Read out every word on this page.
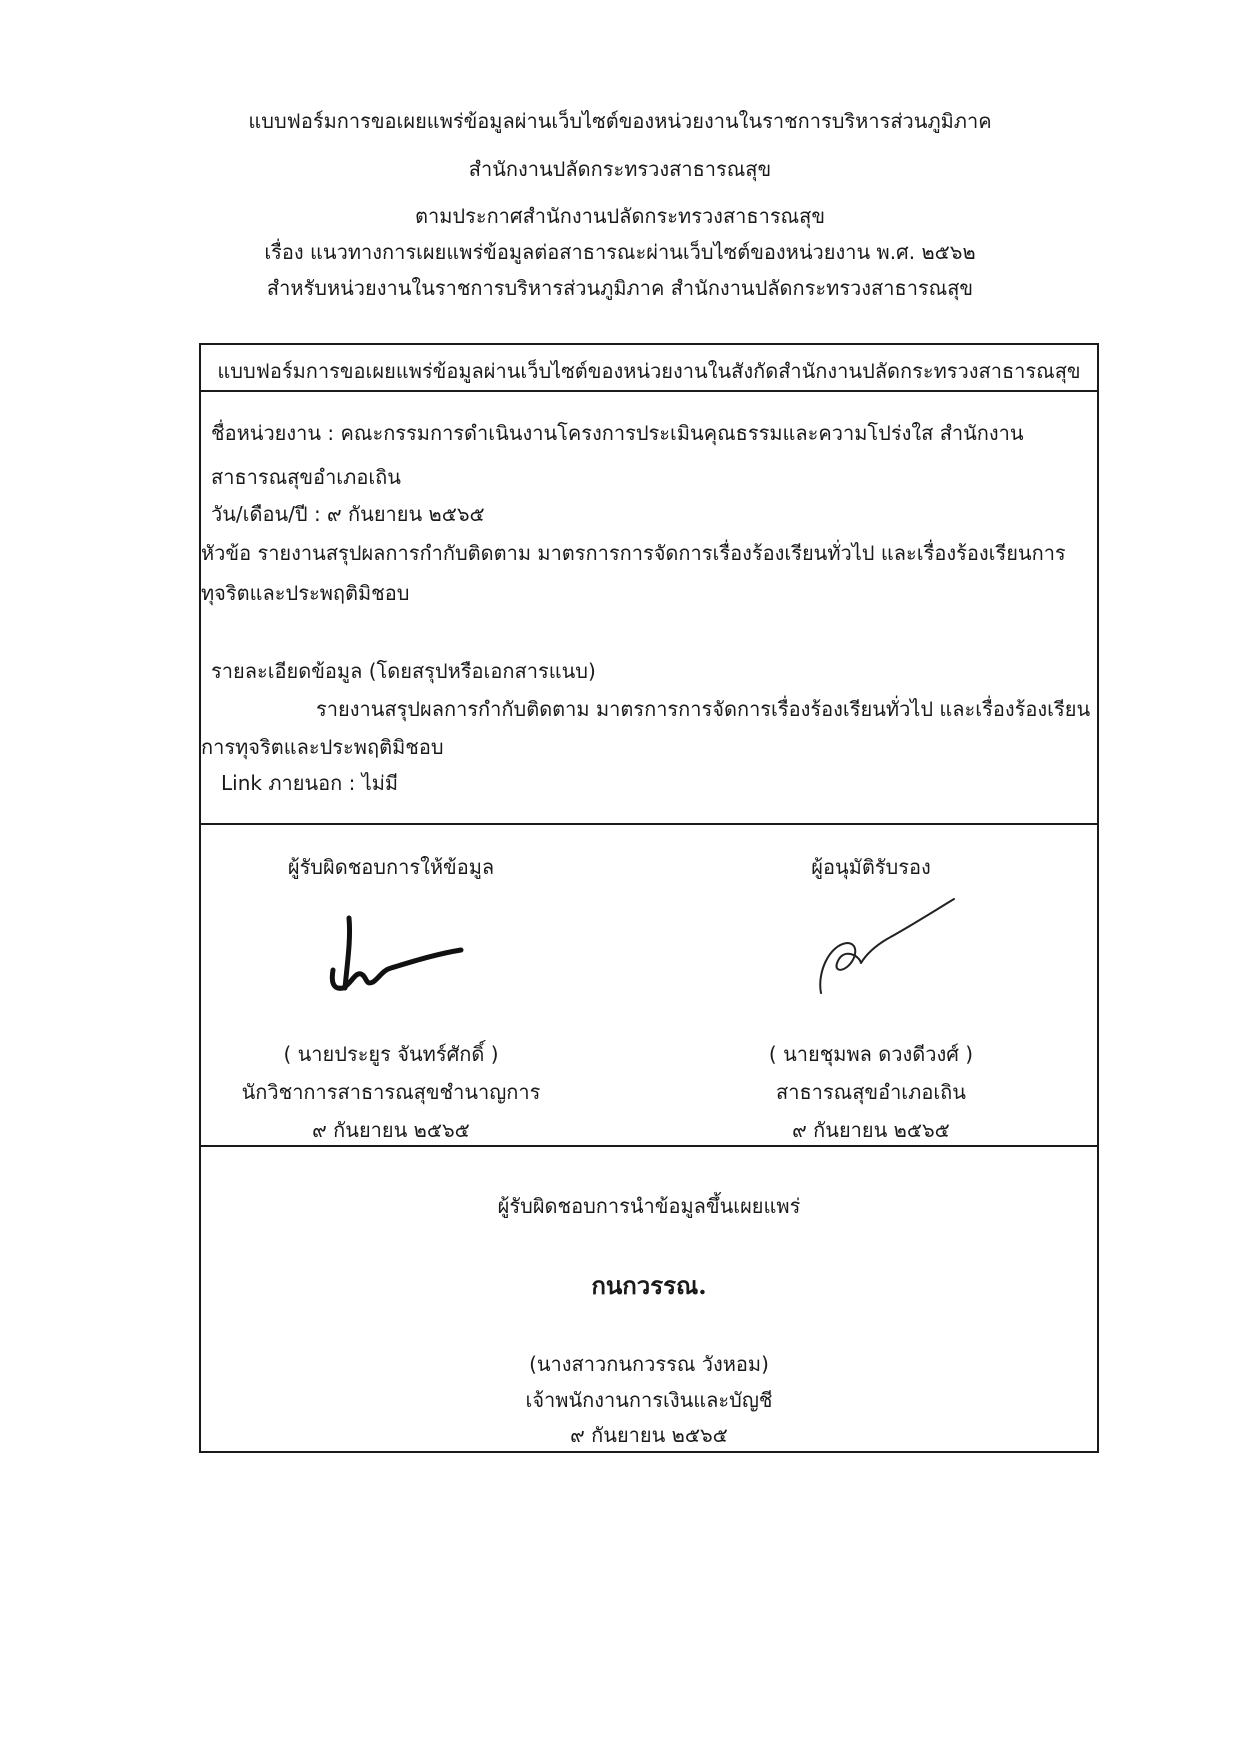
แบบฟอร์มการขอเผยแพร่ข้อมูลผ่านเว็บไซต์ของหน่วยงานในราชการบริหารส่วนภูมิภาค
สำนักงานปลัดกระทรวงสาธารณสุข
ตามประกาศสำนักงานปลัดกระทรวงสาธารณสุข
เรื่อง แนวทางการเผยแพร่ข้อมูลต่อสาธารณะผ่านเว็บไซต์ของหน่วยงาน พ.ศ. ๒๕๖๒
สำหรับหน่วยงานในราชการบริหารส่วนภูมิภาค สำนักงานปลัดกระทรวงสาธารณสุข
แบบฟอร์มการขอเผยแพร่ข้อมูลผ่านเว็บไซต์ของหน่วยงานในสังกัดสำนักงานปลัดกระทรวงสาธารณสุข
ชื่อหน่วยงาน : คณะกรรมการดำเนินงานโครงการประเมินคุณธรรมและความโปร่งใส สำนักงาน
สาธารณสุขอำเภอเถิน
วัน/เดือน/ปี : ๙ กันยายน ๒๕๖๕
หัวข้อ รายงานสรุปผลการกำกับติดตาม มาตรการการจัดการเรื่องร้องเรียนทั่วไป และเรื่องร้องเรียนการ
ทุจริตและประพฤติมิชอบ
รายละเอียดข้อมูล (โดยสรุปหรือเอกสารแนบ)
รายงานสรุปผลการกำกับติดตาม มาตรการการจัดการเรื่องร้องเรียนทั่วไป และเรื่องร้องเรียน
การทุจริตและประพฤติมิชอบ
Link ภายนอก : ไม่มี
ผู้รับผิดชอบการให้ข้อมูล	ผู้อนุมัติรับรอง
( นายประยูร จันทร์ศักดิ์ )
นักวิชาการสาธารณสุขชำนาญการ
๙ กันยายน ๒๕๖๕
( นายชุมพล ดวงดีวงศ์ )
สาธารณสุขอำเภอเถิน
๙ กันยายน ๒๕๖๕
ผู้รับผิดชอบการนำข้อมูลขึ้นเผยแพร่
กนกวรรณ.
(นางสาวกนกวรรณ วังหอม)
เจ้าพนักงานการเงินและบัญชี
๙ กันยายน ๒๕๖๕
